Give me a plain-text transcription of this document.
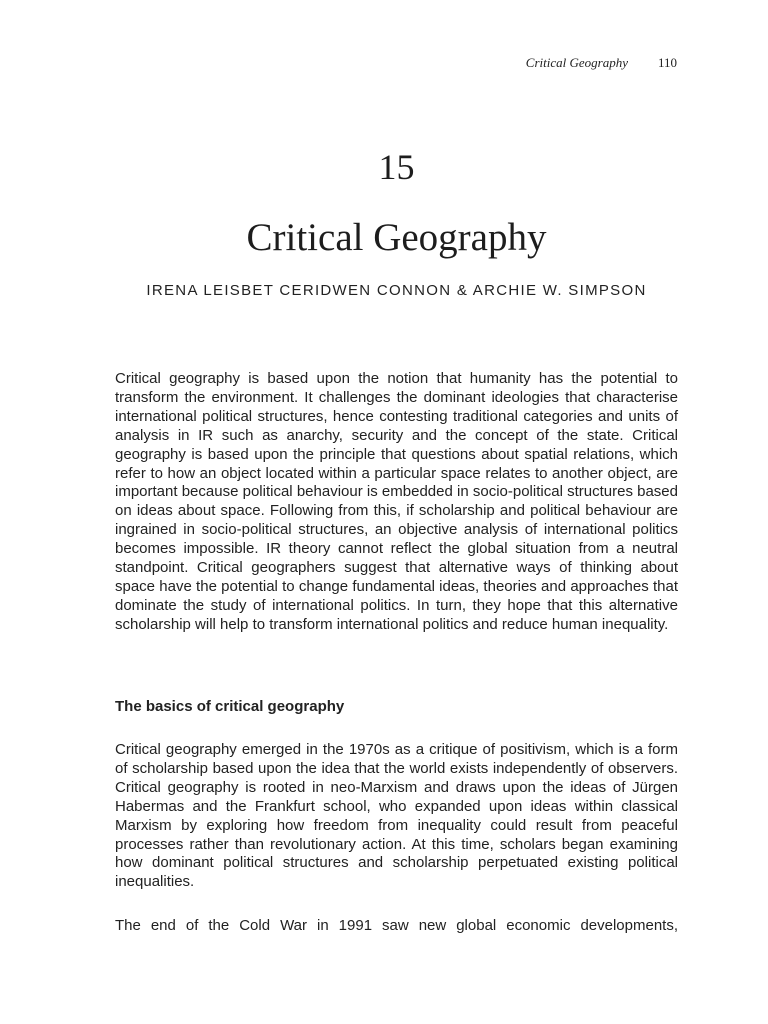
Critical Geography 110
15
Critical Geography
IRENA LEISBET CERIDWEN CONNON & ARCHIE W. SIMPSON

Critical geography is based upon the notion that humanity has the potential to transform the environment. It challenges the dominant ideologies that characterise international political structures, hence contesting traditional categories and units of analysis in IR such as anarchy, security and the concept of the state. Critical geography is based upon the principle that questions about spatial relations, which refer to how an object located within a particular space relates to another object, are important because political behaviour is embedded in socio-political structures based on ideas about space. Following from this, if scholarship and political behaviour are ingrained in socio-political structures, an objective analysis of international politics becomes impossible. IR theory cannot reflect the global situation from a neutral standpoint. Critical geographers suggest that alternative ways of thinking about space have the potential to change fundamental ideas, theories and approaches that dominate the study of international politics. In turn, they hope that this alternative scholarship will help to transform international politics and reduce human inequality.

The basics of critical geography

Critical geography emerged in the 1970s as a critique of positivism, which is a form of scholarship based upon the idea that the world exists independently of observers. Critical geography is rooted in neo-Marxism and draws upon the ideas of Jürgen Habermas and the Frankfurt school, who expanded upon ideas within classical Marxism by exploring how freedom from inequality could result from peaceful processes rather than revolutionary action. At this time, scholars began examining how dominant political structures and scholarship perpetuated existing political inequalities.

The end of the Cold War in 1991 saw new global economic developments,
